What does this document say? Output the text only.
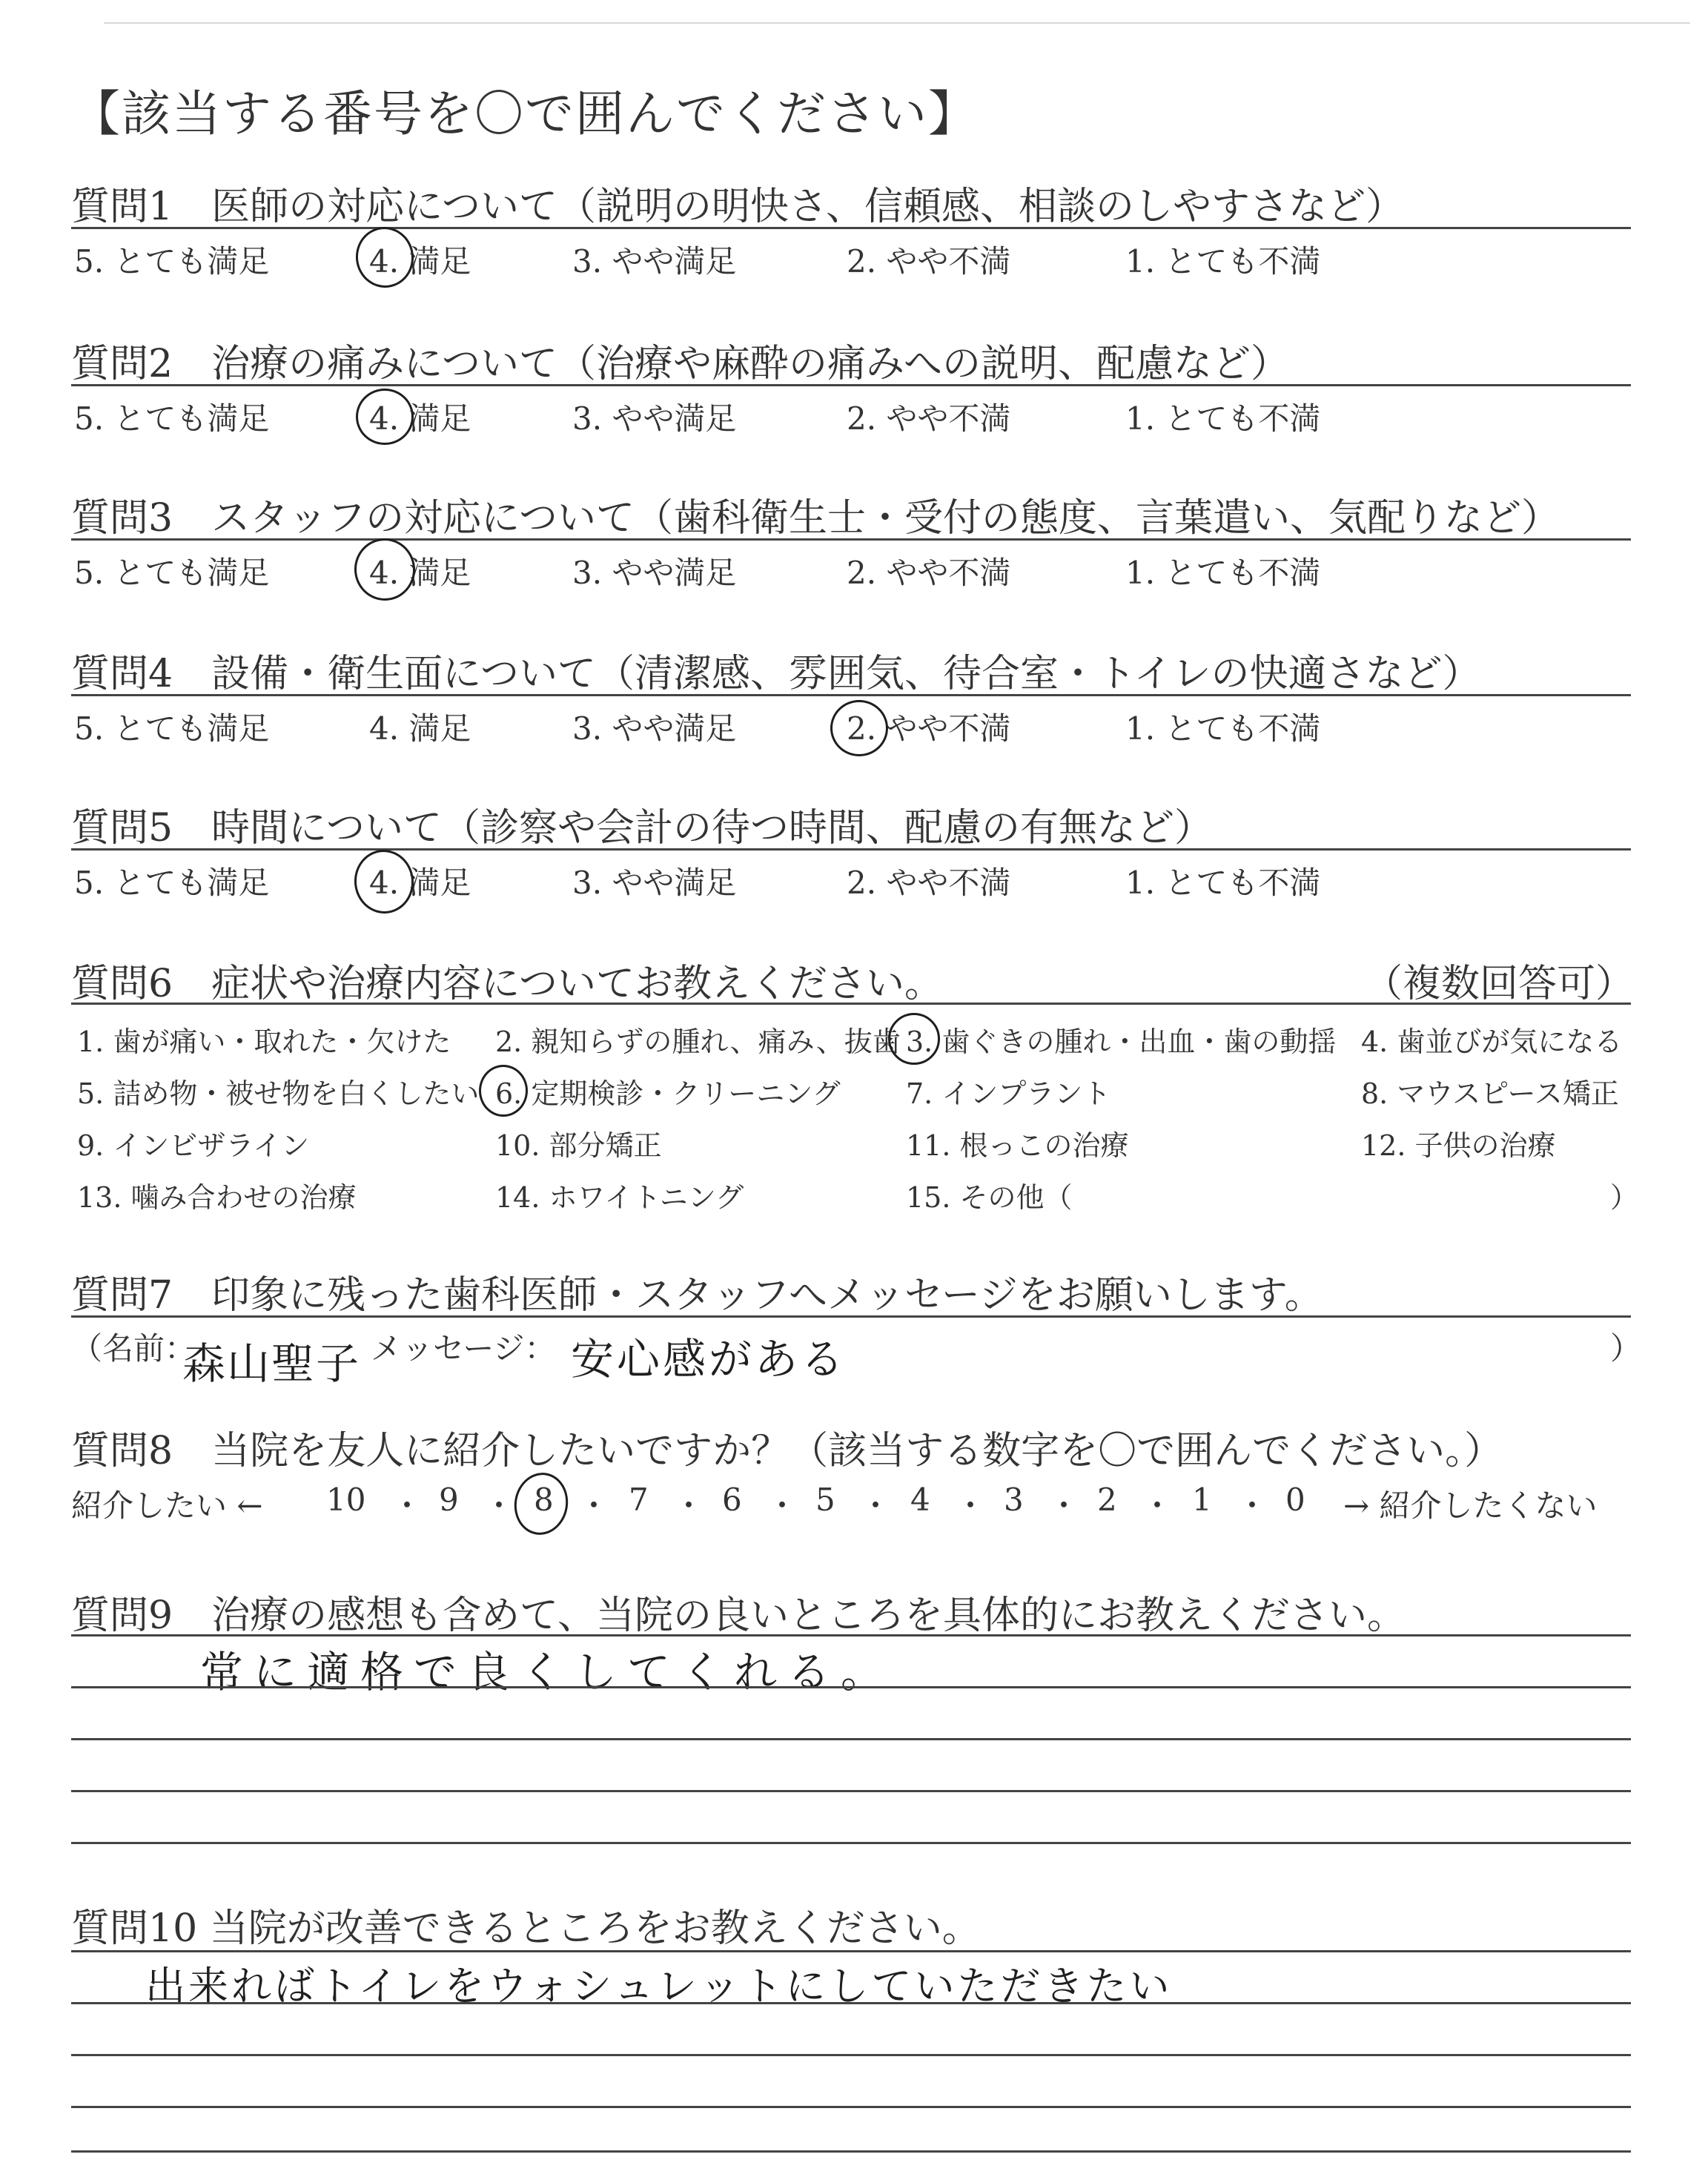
【該当する番号を〇で囲んでください】
質問1　医師の対応について（説明の明快さ、信頼感、相談のしやすさなど）
5. とても満足	4. 満足	3. やや満足	2. やや不満	1. とても不満
質問2　治療の痛みについて（治療や麻酔の痛みへの説明、配慮など）
5. とても満足	4. 満足	3. やや満足	2. やや不満	1. とても不満
質問3　スタッフの対応について（歯科衛生士・受付の態度、言葉遣い、気配りなど）
5. とても満足	4. 満足	3. やや満足	2. やや不満	1. とても不満
質問4　設備・衛生面について（清潔感、雰囲気、待合室・トイレの快適さなど）
5. とても満足	4. 満足	3. やや満足	2. やや不満	1. とても不満
質問5　時間について（診察や会計の待つ時間、配慮の有無など）
5. とても満足	4. 満足	3. やや満足	2. やや不満	1. とても不満
質問6　症状や治療内容についてお教えください。	（複数回答可）
1. 歯が痛い・取れた・欠けた 2. 親知らずの腫れ、痛み、抜歯 3. 歯ぐきの腫れ・出血・歯の動揺 4. 歯並びが気になる
5. 詰め物・被せ物を白くしたい 6. 定期検診・クリーニング 7. インプラント	8. マウスピース矯正
9. インビザライン	10. 部分矯正	11. 根っこの治療	12. 子供の治療
13. 噛み合わせの治療	14. ホワイトニング	15. その他（	）
質問7　印象に残った歯科医師・スタッフへメッセージをお願いします。
（名前：
森山聖子 メッセージ： 安心感がある	）
質問8　当院を友人に紹介したいですか？（該当する数字を〇で囲んでください。）
紹介したい ← 10 ・ 9 ・ 8 ・ 7 ・ 6 ・ 5 ・ 4 ・ 3 ・ 2 ・ 1 ・ 0 → 紹介したくない
質問9　治療の感想も含めて、当院の良いところを具体的にお教えください。
常に適格で良くしてくれる。
質問10 当院が改善できるところをお教えください。
出来ればトイレをウォシュレットにしていただきたい
